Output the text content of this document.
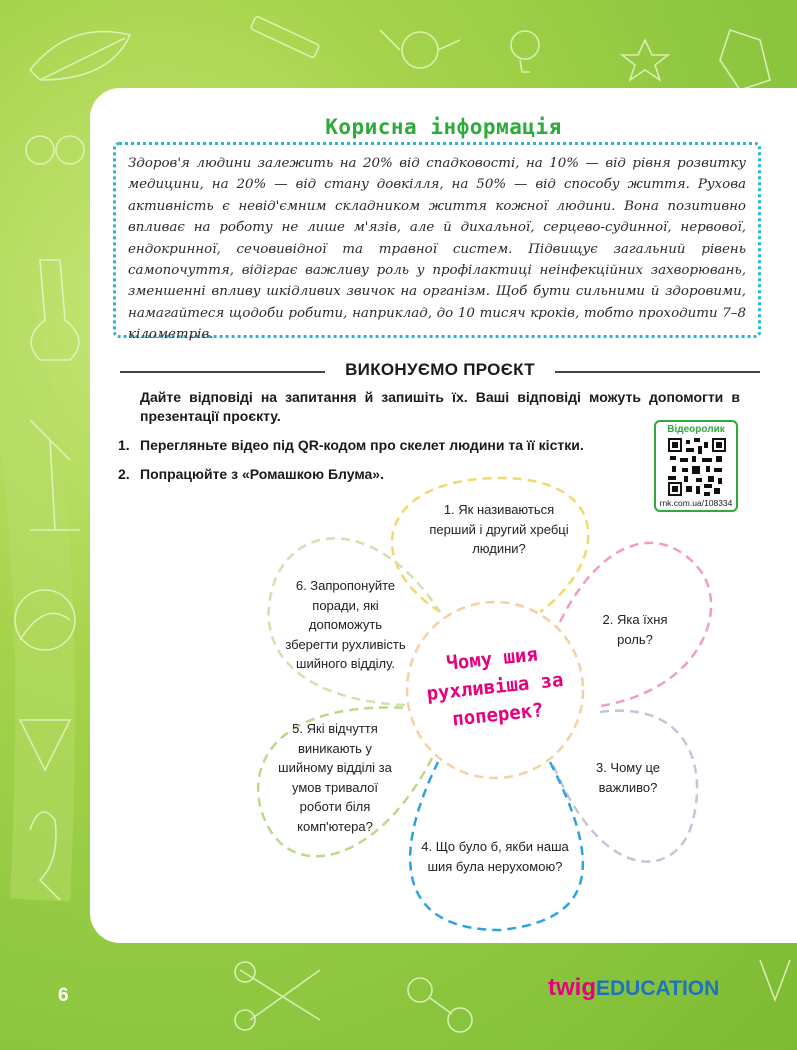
Корисна інформація
Здоров'я людини залежить на 20% від спадковості, на 10% — від рівня розвитку медицини, на 20% — від стану довкілля, на 50% — від способу життя. Рухова активність є невід'ємним складником життя кожної людини. Вона позитивно впливає на роботу не лише м'язів, але й дихальної, серцево-судинної, нервової, ендокринної, сечовивідної та травної систем. Підвищує загальний рівень самопочуття, відіграє важливу роль у профілактиці неінфекційних захворювань, зменшенні впливу шкідливих звичок на організм. Щоб бути сильними й здоровими, намагайтеся щодоби робити, наприклад, до 10 тисяч кроків, тобто проходити 7–8 кілометрів.
ВИКОНУЄМО ПРОЄКТ
Дайте відповіді на запитання й запишіть їх. Ваші відповіді можуть допомогти в презентації проєкту.
1. Перегляньте відео під QR-кодом про скелет людини та її кістки.
2. Попрацюйте з «Ромашкою Блума».
Відеоролик
rnk.com.ua/108334
1. Як називаються перший і другий хребці людини?
2. Яка їхня роль?
3. Чому це важливо?
4. Що було б, якби наша шия була нерухомою?
5. Які відчуття виникають у шийному відділі за умов тривалої роботи біля комп'ютера?
6. Запропонуйте поради, які допоможуть зберегти рухливість шийного відділу.	Чому шия рухливіша за поперек?
6	twigEDUCATION
